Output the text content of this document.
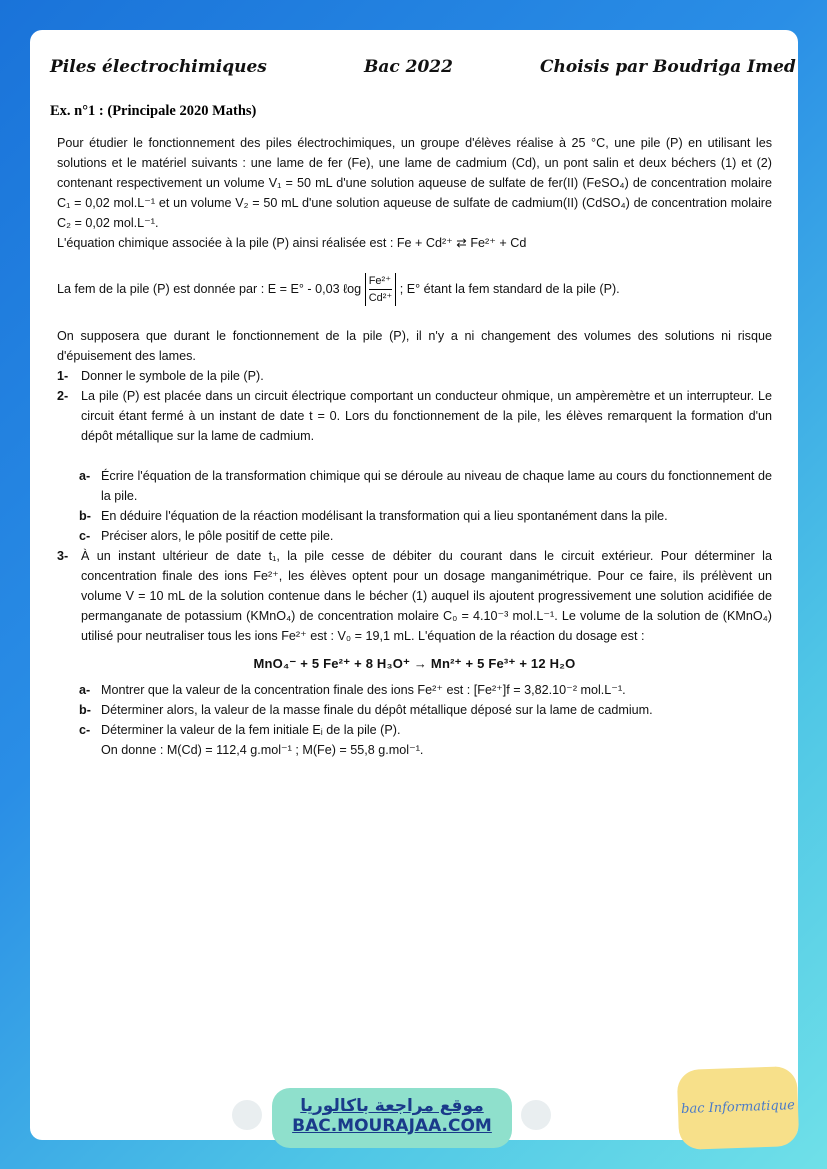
Piles électrochimiques	Bac 2022	Choisis par Boudriga Imed
Ex. n°1 : (Principale 2020 Maths)

Pour étudier le fonctionnement des piles électrochimiques, un groupe d'élèves réalise à 25 °C, une pile (P) en utilisant les solutions et le matériel suivants : une lame de fer (Fe), une lame de cadmium (Cd), un pont salin et deux béchers (1) et (2) contenant respectivement un volume V₁ = 50 mL d'une solution aqueuse de sulfate de fer(II) (FeSO₄) de concentration molaire C₁ = 0,02 mol.L⁻¹ et un volume V₂ = 50 mL d'une solution aqueuse de sulfate de cadmium(II) (CdSO₄) de concentration molaire C₂ = 0,02 mol.L⁻¹.

L'équation chimique associée à la pile (P) ainsi réalisée est : Fe + Cd²⁺ ⇄ Fe²⁺ + Cd

La fem de la pile (P) est donnée par : E = E° - 0,03 ℓog $\frac{\text{Fe²⁺}}{\text{Cd²⁺}}$ ; E° étant la fem standard de la pile (P).

On supposera que durant le fonctionnement de la pile (P), il n'y a ni changement des volumes des solutions ni risque d'épuisement des lames.

1-	Donner le symbole de la pile (P).

2-	La pile (P) est placée dans un circuit électrique comportant un conducteur ohmique, un ampèremètre et un interrupteur. Le circuit étant fermé à un instant de date t = 0. Lors du fonctionnement de la pile, les élèves remarquent la formation d'un dépôt métallique sur la lame de cadmium.

a- Écrire l'équation de la transformation chimique qui se déroule au niveau de chaque lame au cours du fonctionnement de la pile.

b- En déduire l'équation de la réaction modélisant la transformation qui a lieu spontanément dans la pile.

c- Préciser alors, le pôle positif de cette pile.

3-	À un instant ultérieur de date t₁, la pile cesse de débiter du courant dans le circuit extérieur. Pour déterminer la concentration finale des ions Fe²⁺, les élèves optent pour un dosage manganimétrique. Pour ce faire, ils prélèvent un volume V = 10 mL de la solution contenue dans le bécher (1) auquel ils ajoutent progressivement une solution acidifiée de permanganate de potassium (KMnO₄) de concentration molaire C₀ = 4.10⁻³ mol.L⁻¹. Le volume de la solution de (KMnO₄) utilisé pour neutraliser tous les ions Fe²⁺ est : V₀ = 19,1 mL. L'équation de la réaction du dosage est :

MnO₄⁻ + 5 Fe²⁺ + 8 H₃O⁺ → Mn²⁺ + 5 Fe³⁺ + 12 H₂O
a- Montrer que la valeur de la concentration finale des ions Fe²⁺ est : [Fe²⁺]f = 3,82.10⁻² mol.L⁻¹.

b- Déterminer alors, la valeur de la masse finale du dépôt métallique déposé sur la lame de cadmium.

c- Déterminer la valeur de la fem initiale Eᵢ de la pile (P).

On donne : M(Cd) = 112,4 g.mol⁻¹ ; M(Fe) = 55,8 g.mol⁻¹.

موقع مراجعة باكالوريا
BAC.MOURAJAA.COM
bac Informatique
